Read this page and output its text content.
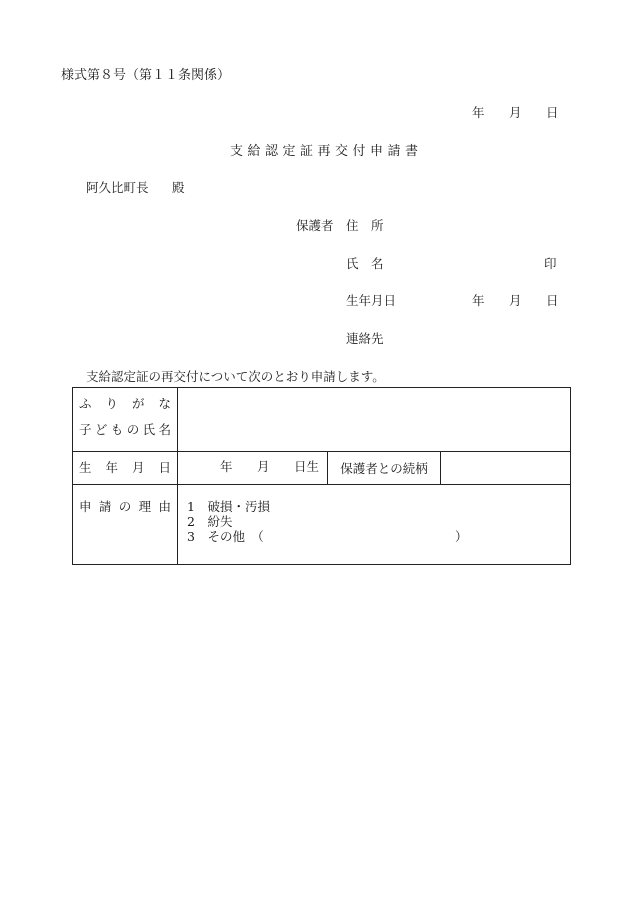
様式第８号（第１１条関係）
年 月 日
支給認定証再交付申請書
阿久比町長 殿
保護者 住　所
氏　名	印
生年月日	年 月 日
連絡先
支給認定証の再交付について次のとおり申請します。
ふりがな
子どもの氏名			

生年月日	年 月 日生	保護者との続柄	

申請の理由	1　破損・汚損
2　紛失
3　その他　（ ）		
